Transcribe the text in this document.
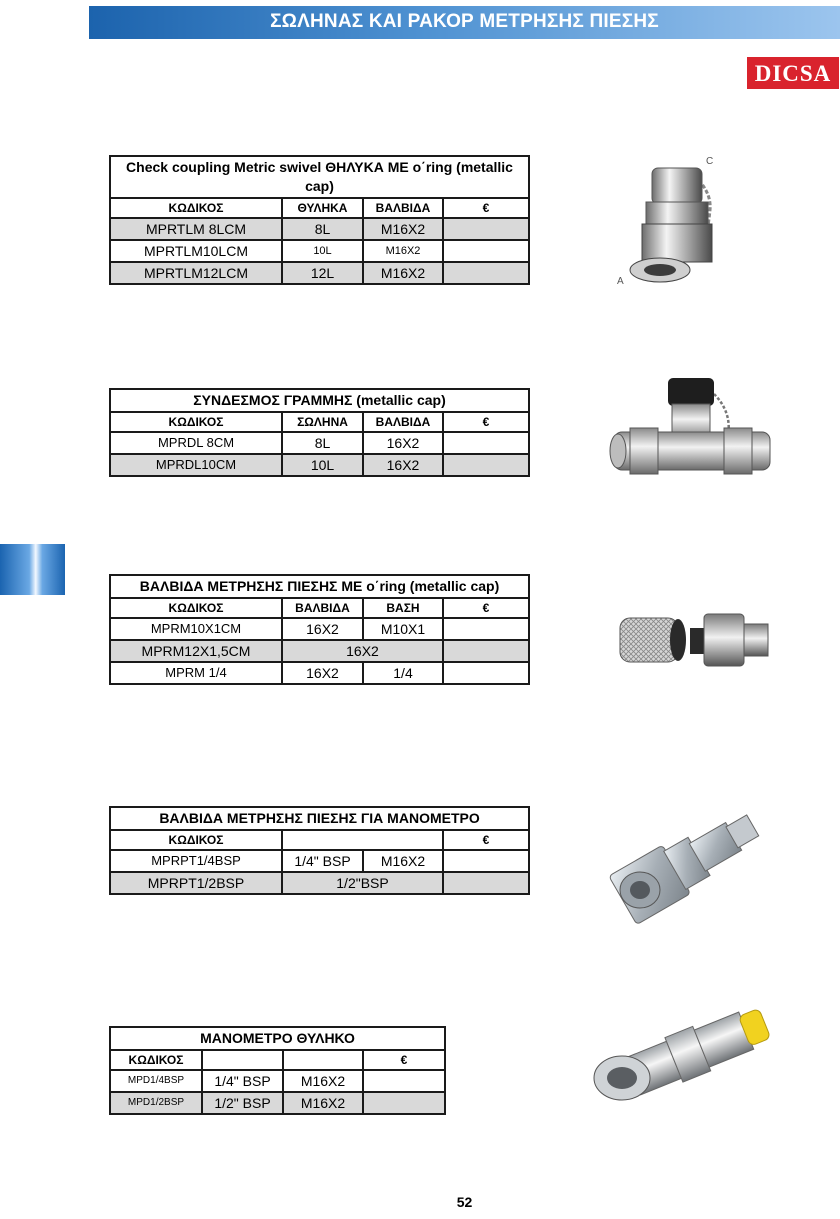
ΣΩΛΗΝΑΣ ΚΑΙ ΡΑΚΟΡ ΜΕΤΡΗΣΗΣ ΠΙΕΣΗΣ
DICSA
Check coupling Metric swivel ΘΗΛΥΚΑ ΜΕ o΄ring (metallic cap)			
ΚΩΔΙΚΟΣ	ΘΥΛΗΚΑ	ΒΑΛΒΙΔΑ	€
MPRTLM 8LCM	8L	M16X2	
MPRTLM10LCM	10L	M16X2	
MPRTLM12LCM	12L	M16X2	
C
A
ΣΥΝΔΕΣΜΟΣ ΓΡΑΜΜΗΣ (metallic cap)			
ΚΩΔΙΚΟΣ	ΣΩΛΗΝΑ	ΒΑΛΒΙΔΑ	€
MPRDL 8CM	8L	16X2	
MPRDL10CM	10L	16X2	
ΒΑΛΒΙΔΑ ΜΕΤΡΗΣΗΣ ΠΙΕΣΗΣ ΜΕ o΄ring (metallic cap)			
ΚΩΔΙΚΟΣ	ΒΑΛΒΙΔΑ	ΒΑΣΗ	€
MPRM10X1CM	16X2	M10X1	
MPRM12X1,5CM	16X2		
MPRM 1/4	16X2	1/4	
ΒΑΛΒΙΔΑ ΜΕΤΡΗΣΗΣ ΠΙΕΣΗΣ ΓΙΑ ΜΑΝΟΜΕΤΡΟ			
ΚΩΔΙΚΟΣ			€
MPRPT1/4BSP	1/4" BSP	M16X2	
MPRPT1/2BSP	1/2"BSP		
ΜΑΝΟΜΕΤΡΟ ΘΥΛΗΚΟ			
ΚΩΔΙΚΟΣ			€
MPD1/4BSP	1/4" BSP	M16X2	
MPD1/2BSP	1/2" BSP	M16X2	
52
